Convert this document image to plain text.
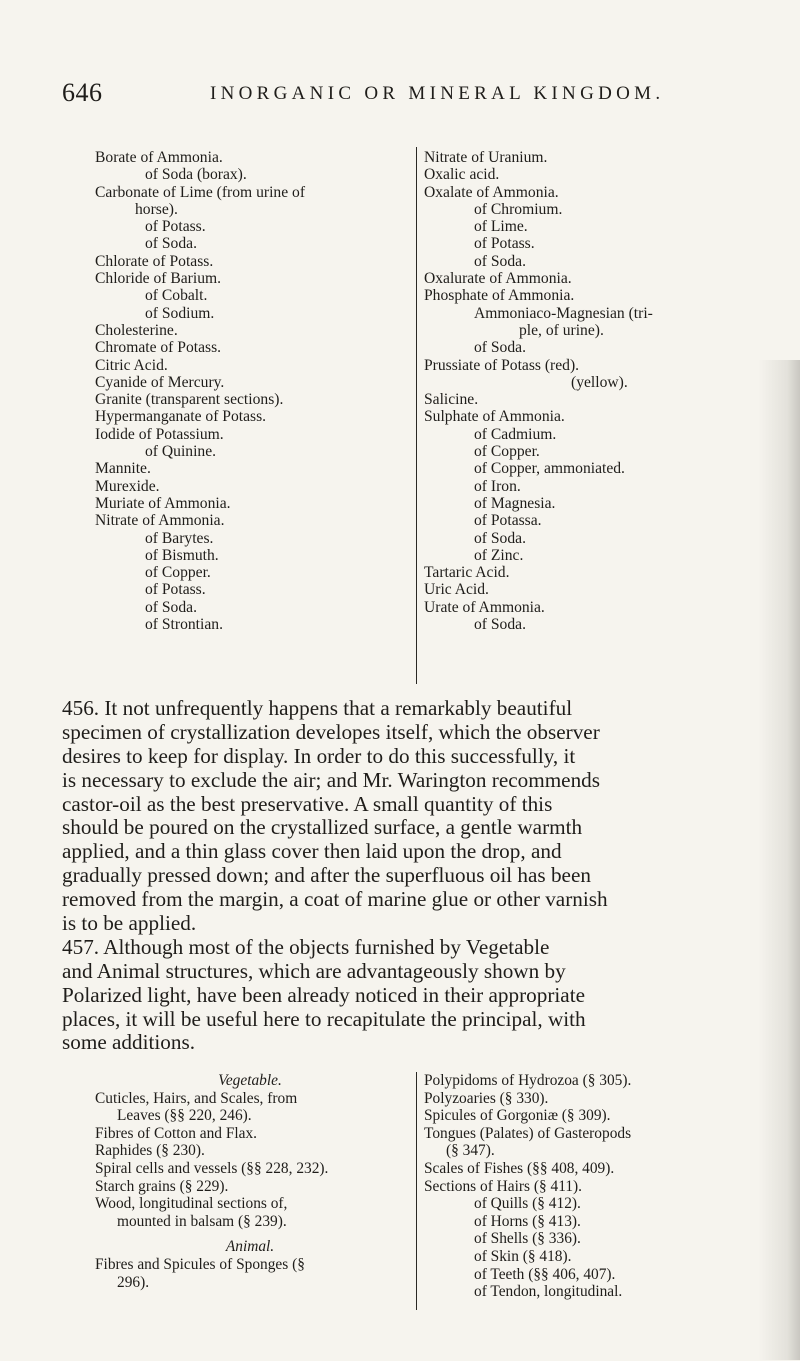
646	INORGANIC OR MINERAL KINGDOM.
Borate of Ammonia.
of Soda (borax).
Carbonate of Lime (from urine of
horse).
of Potass.
of Soda.
Chlorate of Potass.
Chloride of Barium.
of Cobalt.
of Sodium.
Cholesterine.
Chromate of Potass.
Citric Acid.
Cyanide of Mercury.
Granite (transparent sections).
Hypermanganate of Potass.
Iodide of Potassium.
of Quinine.
Mannite.
Murexide.
Muriate of Ammonia.
Nitrate of Ammonia.
of Barytes.
of Bismuth.
of Copper.
of Potass.
of Soda.
of Strontian.
Nitrate of Uranium.
Oxalic acid.
Oxalate of Ammonia.
of Chromium.
of Lime.
of Potass.
of Soda.
Oxalurate of Ammonia.
Phosphate of Ammonia.
Ammoniaco-Magnesian (tri-
ple, of urine).
of Soda.
Prussiate of Potass (red).
(yellow).
Salicine.
Sulphate of Ammonia.
of Cadmium.
of Copper.
of Copper, ammoniated.
of Iron.
of Magnesia.
of Potassa.
of Soda.
of Zinc.
Tartaric Acid.
Uric Acid.
Urate of Ammonia.
of Soda.
456. It not unfrequently happens that a remarkably beautiful
specimen of crystallization developes itself, which the observer
desires to keep for display. In order to do this successfully, it
is necessary to exclude the air; and Mr. Warington recommends
castor-oil as the best preservative. A small quantity of this
should be poured on the crystallized surface, a gentle warmth
applied, and a thin glass cover then laid upon the drop, and
gradually pressed down; and after the superfluous oil has been
removed from the margin, a coat of marine glue or other varnish
is to be applied.
457. Although most of the objects furnished by Vegetable
and Animal structures, which are advantageously shown by
Polarized light, have been already noticed in their appropriate
places, it will be useful here to recapitulate the principal, with
some additions.
Vegetable.
Cuticles, Hairs, and Scales, from
Leaves (§§ 220, 246).
Fibres of Cotton and Flax.
Raphides (§ 230).
Spiral cells and vessels (§§ 228, 232).
Starch grains (§ 229).
Wood, longitudinal sections of,
mounted in balsam (§ 239).
Animal.
Fibres and Spicules of Sponges (§
296).
Polypidoms of Hydrozoa (§ 305).
Polyzoaries (§ 330).
Spicules of Gorgoniæ (§ 309).
Tongues (Palates) of Gasteropods
(§ 347).
Scales of Fishes (§§ 408, 409).
Sections of Hairs (§ 411).
of Quills (§ 412).
of Horns (§ 413).
of Shells (§ 336).
of Skin (§ 418).
of Teeth (§§ 406, 407).
of Tendon, longitudinal.
